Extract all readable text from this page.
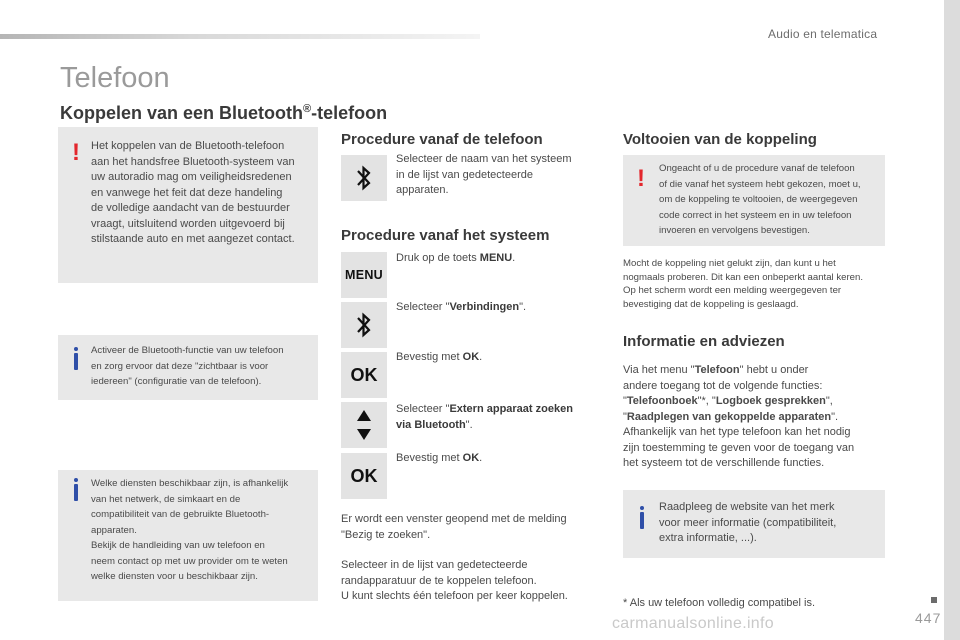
Audio en telematica
Telefoon
Koppelen van een Bluetooth®-telefoon
! Het koppelen van de Bluetooth-telefoon
aan het handsfree Bluetooth-systeem van
uw autoradio mag om veiligheidsredenen
en vanwege het feit dat deze handeling
de volledige aandacht van de bestuurder
vraagt, uitsluitend worden uitgevoerd bij
stilstaande auto en met aangezet contact.
Activeer de Bluetooth-functie van uw telefoon
en zorg ervoor dat deze "zichtbaar is voor
iedereen" (configuratie van de telefoon).
Welke diensten beschikbaar zijn, is afhankelijk
van het netwerk, de simkaart en de
compatibiliteit van de gebruikte Bluetooth-
apparaten.
Bekijk de handleiding van uw telefoon en
neem contact op met uw provider om te weten
welke diensten voor u beschikbaar zijn.
Procedure vanaf de telefoon
Selecteer de naam van het systeem
in de lijst van gedetecteerde
apparaten.
Procedure vanaf het systeem
MENU
Druk op de toets MENU.
Selecteer "Verbindingen".
OK
Bevestig met OK.
Selecteer "Extern apparaat zoeken
via Bluetooth".
OK
Bevestig met OK.
Er wordt een venster geopend met de melding
"Bezig te zoeken".
Selecteer in de lijst van gedetecteerde
randapparatuur de te koppelen telefoon.
U kunt slechts één telefoon per keer koppelen.
Voltooien van de koppeling
! Ongeacht of u de procedure vanaf de telefoon
of die vanaf het systeem hebt gekozen, moet u,
om de koppeling te voltooien, de weergegeven
code correct in het systeem en in uw telefoon
invoeren en vervolgens bevestigen.
Mocht de koppeling niet gelukt zijn, dan kunt u het
nogmaals proberen. Dit kan een onbeperkt aantal keren.
Op het scherm wordt een melding weergegeven ter
bevestiging dat de koppeling is geslaagd.
Informatie en adviezen
Via het menu "Telefoon" hebt u onder
andere toegang tot de volgende functies:
"Telefoonboek"*, "Logboek gesprekken",
"Raadplegen van gekoppelde apparaten".
Afhankelijk van het type telefoon kan het nodig
zijn toestemming te geven voor de toegang van
het systeem tot de verschillende functies.
Raadpleeg de website van het merk
voor meer informatie (compatibiliteit,
extra informatie, ...).
* Als uw telefoon volledig compatibel is.
carmanualsonline.info	447
